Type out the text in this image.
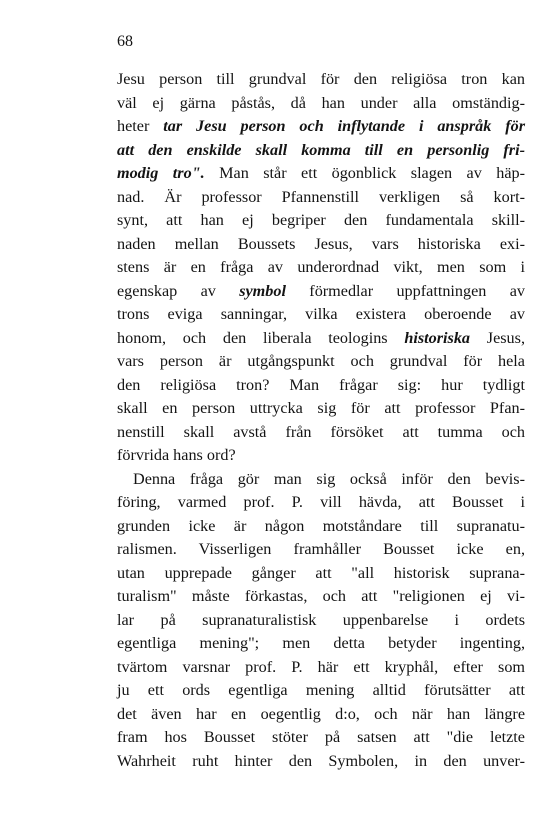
68
Jesu person till grundval för den religiösa tron kan
väl ej gärna påstås, då han under alla omständig-
heter tar Jesu person och inflytande i anspråk för
att den enskilde skall komma till en personlig fri-
modig tro". Man står ett ögonblick slagen av häp-
nad. Är professor Pfannenstill verkligen så kort-
synt, att han ej begriper den fundamentala skill-
naden mellan Boussets Jesus, vars historiska exi-
stens är en fråga av underordnad vikt, men som i
egenskap av symbol förmedlar uppfattningen av
trons eviga sanningar, vilka existera oberoende av
honom, och den liberala teologins historiska Jesus,
vars person är utgångspunkt och grundval för hela
den religiösa tron? Man frågar sig: hur tydligt
skall en person uttrycka sig för att professor Pfan-
nenstill skall avstå från försöket att tumma och
förvrida hans ord?
Denna fråga gör man sig också inför den bevis-
föring, varmed prof. P. vill hävda, att Bousset i
grunden icke är någon motståndare till supranatu-
ralismen. Visserligen framhåller Bousset icke en,
utan upprepade gånger att "all historisk suprana-
turalism" måste förkastas, och att "religionen ej vi-
lar på supranaturalistisk uppenbarelse i ordets
egentliga mening"; men detta betyder ingenting,
tvärtom varsnar prof. P. här ett kryphål, efter som
ju ett ords egentliga mening alltid förutsätter att
det även har en oegentlig d:o, och när han längre
fram hos Bousset stöter på satsen att "die letzte
Wahrheit ruht hinter den Symbolen, in den unver-
